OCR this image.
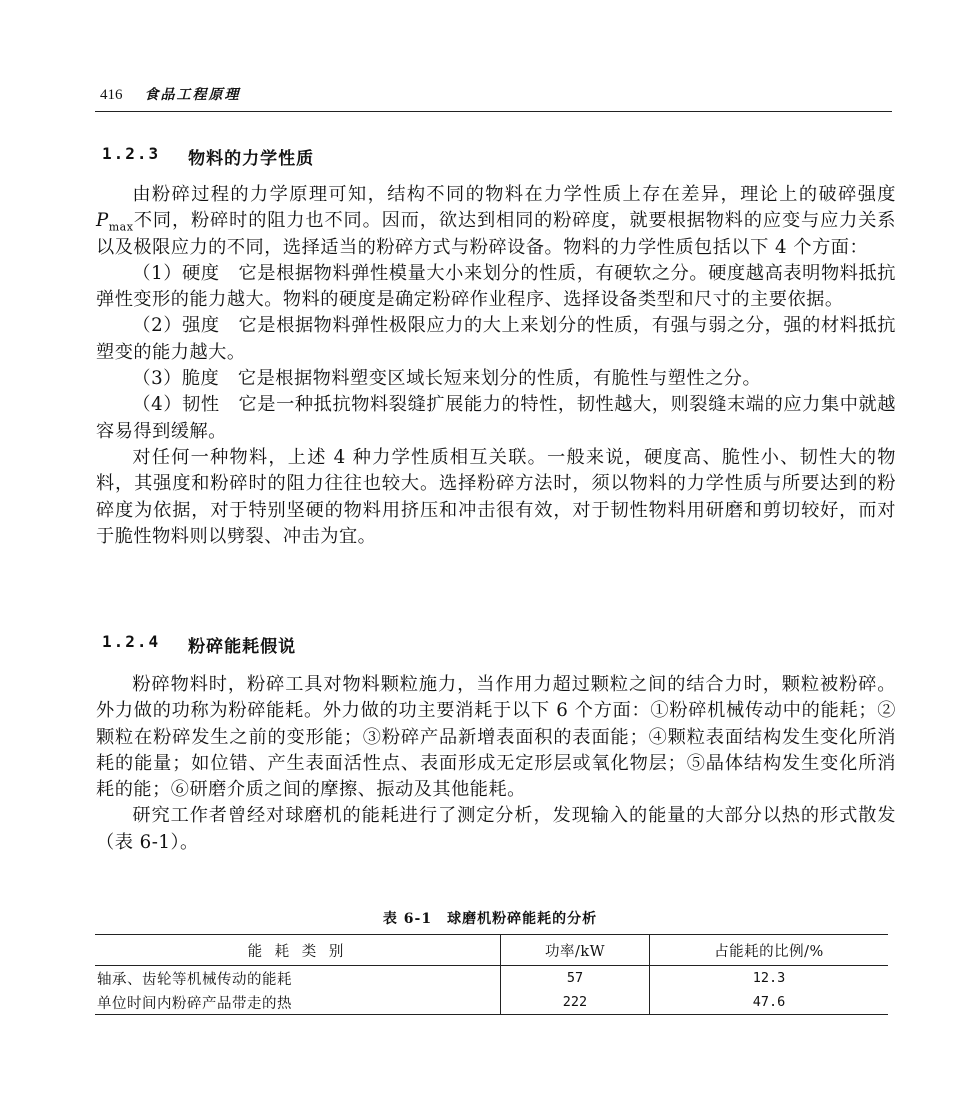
416 食品工程原理
1.2.3 物料的力学性质

由粉碎过程的力学原理可知，结构不同的物料在力学性质上存在差异，理论上的破碎强度 $P_{max}$不同，粉碎时的阻力也不同。因而，欲达到相同的粉碎度，就要根据物料的应变与应力关系以及极限应力的不同，选择适当的粉碎方式与粉碎设备。物料的力学性质包括以下 4 个方面：

（1）硬度　它是根据物料弹性模量大小来划分的性质，有硬软之分。硬度越高表明物料抵抗弹性变形的能力越大。物料的硬度是确定粉碎作业程序、选择设备类型和尺寸的主要依据。

（2）强度　它是根据物料弹性极限应力的大上来划分的性质，有强与弱之分，强的材料抵抗塑变的能力越大。

（3）脆度　它是根据物料塑变区域长短来划分的性质，有脆性与塑性之分。

（4）韧性　它是一种抵抗物料裂缝扩展能力的特性，韧性越大，则裂缝末端的应力集中就越容易得到缓解。

对任何一种物料，上述 4 种力学性质相互关联。一般来说，硬度高、脆性小、韧性大的物料，其强度和粉碎时的阻力往往也较大。选择粉碎方法时，须以物料的力学性质与所要达到的粉碎度为依据，对于特别坚硬的物料用挤压和冲击很有效，对于韧性物料用研磨和剪切较好，而对于脆性物料则以劈裂、冲击为宜。

1.2.4 粉碎能耗假说

粉碎物料时，粉碎工具对物料颗粒施力，当作用力超过颗粒之间的结合力时，颗粒被粉碎。外力做的功称为粉碎能耗。外力做的功主要消耗于以下 6 个方面：①粉碎机械传动中的能耗；②颗粒在粉碎发生之前的变形能；③粉碎产品新增表面积的表面能；④颗粒表面结构发生变化所消耗的能量；如位错、产生表面活性点、表面形成无定形层或氧化物层；⑤晶体结构发生变化所消耗的能；⑥研磨介质之间的摩擦、振动及其他能耗。

研究工作者曾经对球磨机的能耗进行了测定分析，发现输入的能量的大部分以热的形式散发（表 6-1）。

表 6-1　球磨机粉碎能耗的分析
能 耗 类 别	功率/kW	占能耗的比例/%
轴承、齿轮等机械传动的能耗	57	12.3
单位时间内粉碎产品带走的热	222	47.6
